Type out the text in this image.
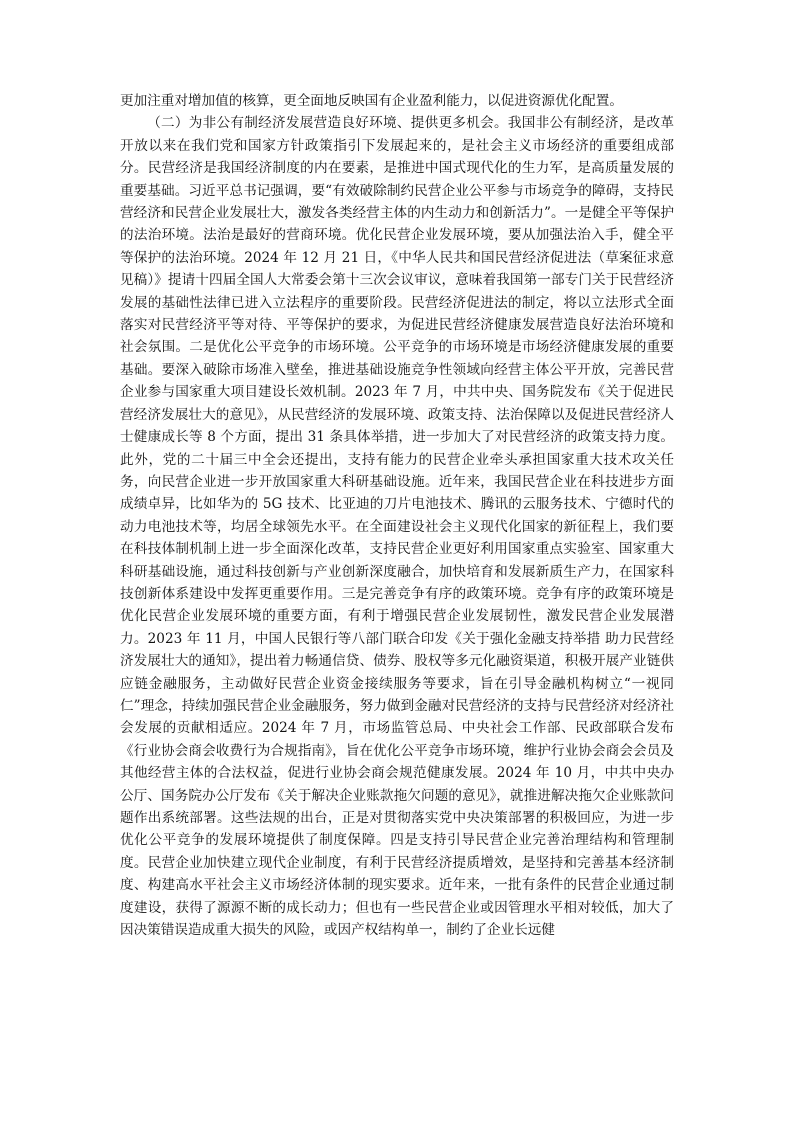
更加注重对增加值的核算，更全面地反映国有企业盈利能力，以促进资源优化配置。

（二）为非公有制经济发展营造良好环境、提供更多机会。我国非公有制经济，是改革开放以来在我们党和国家方针政策指引下发展起来的，是社会主义市场经济的重要组成部分。民营经济是我国经济制度的内在要素，是推进中国式现代化的生力军，是高质量发展的重要基础。习近平总书记强调，要“有效破除制约民营企业公平参与市场竞争的障碍，支持民营经济和民营企业发展壮大，激发各类经营主体的内生动力和创新活力”。一是健全平等保护的法治环境。法治是最好的营商环境。优化民营企业发展环境，要从加强法治入手，健全平等保护的法治环境。2024 年 12 月 21 日，《中华人民共和国民营经济促进法（草案征求意见稿）》提请十四届全国人大常委会第十三次会议审议，意味着我国第一部专门关于民营经济发展的基础性法律已进入立法程序的重要阶段。民营经济促进法的制定，将以立法形式全面落实对民营经济平等对待、平等保护的要求，为促进民营经济健康发展营造良好法治环境和社会氛围。二是优化公平竞争的市场环境。公平竞争的市场环境是市场经济健康发展的重要基础。要深入破除市场准入壁垒，推进基础设施竞争性领域向经营主体公平开放，完善民营企业参与国家重大项目建设长效机制。2023 年 7 月，中共中央、国务院发布《关于促进民营经济发展壮大的意见》，从民营经济的发展环境、政策支持、法治保障以及促进民营经济人士健康成长等 8 个方面，提出 31 条具体举措，进一步加大了对民营经济的政策支持力度。此外，党的二十届三中全会还提出，支持有能力的民营企业牵头承担国家重大技术攻关任务，向民营企业进一步开放国家重大科研基础设施。近年来，我国民营企业在科技进步方面成绩卓异，比如华为的 5G 技术、比亚迪的刀片电池技术、腾讯的云服务技术、宁德时代的动力电池技术等，均居全球领先水平。在全面建设社会主义现代化国家的新征程上，我们要在科技体制机制上进一步全面深化改革，支持民营企业更好利用国家重点实验室、国家重大科研基础设施，通过科技创新与产业创新深度融合，加快培育和发展新质生产力，在国家科技创新体系建设中发挥更重要作用。三是完善竞争有序的政策环境。竞争有序的政策环境是优化民营企业发展环境的重要方面，有利于增强民营企业发展韧性，激发民营企业发展潜力。2023 年 11 月，中国人民银行等八部门联合印发《关于强化金融支持举措 助力民营经济发展壮大的通知》，提出着力畅通信贷、债券、股权等多元化融资渠道，积极开展产业链供应链金融服务，主动做好民营企业资金接续服务等要求，旨在引导金融机构树立“一视同仁”理念，持续加强民营企业金融服务，努力做到金融对民营经济的支持与民营经济对经济社会发展的贡献相适应。2024 年 7 月，市场监管总局、中央社会工作部、民政部联合发布《行业协会商会收费行为合规指南》，旨在优化公平竞争市场环境，维护行业协会商会会员及其他经营主体的合法权益，促进行业协会商会规范健康发展。2024 年 10 月，中共中央办公厅、国务院办公厅发布《关于解决企业账款拖欠问题的意见》，就推进解决拖欠企业账款问题作出系统部署。这些法规的出台，正是对贯彻落实党中央决策部署的积极回应，为进一步优化公平竞争的发展环境提供了制度保障。四是支持引导民营企业完善治理结构和管理制度。民营企业加快建立现代企业制度，有利于民营经济提质增效，是坚持和完善基本经济制度、构建高水平社会主义市场经济体制的现实要求。近年来，一批有条件的民营企业通过制度建设，获得了源源不断的成长动力；但也有一些民营企业或因管理水平相对较低，加大了因决策错误造成重大损失的风险，或因产权结构单一，制约了企业长远健
